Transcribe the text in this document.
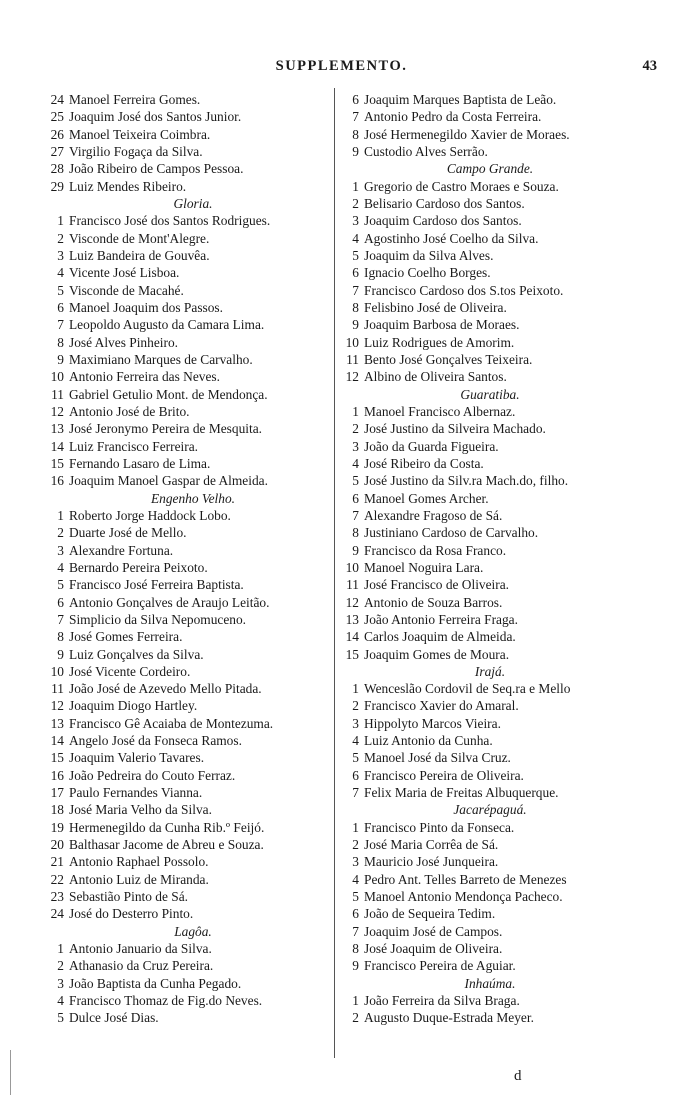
SUPPLEMENTO.	43
24 Manoel Ferreira Gomes.
25 Joaquim José dos Santos Junior.
26 Manoel Teixeira Coimbra.
27 Virgilio Fogaça da Silva.
28 João Ribeiro de Campos Pessoa.
29 Luiz Mendes Ribeiro.
Gloria.
1 Francisco José dos Santos Rodrigues.
2 Visconde de Mont'Alegre.
3 Luiz Bandeira de Gouvêa.
4 Vicente José Lisboa.
5 Visconde de Macahé.
6 Manoel Joaquim dos Passos.
7 Leopoldo Augusto da Camara Lima.
8 José Alves Pinheiro.
9 Maximiano Marques de Carvalho.
10 Antonio Ferreira das Neves.
11 Gabriel Getulio Mont. de Mendonça.
12 Antonio José de Brito.
13 José Jeronymo Pereira de Mesquita.
14 Luiz Francisco Ferreira.
15 Fernando Lasaro de Lima.
16 Joaquim Manoel Gaspar de Almeida.
Engenho Velho.
1 Roberto Jorge Haddock Lobo.
2 Duarte José de Mello.
3 Alexandre Fortuna.
4 Bernardo Pereira Peixoto.
5 Francisco José Ferreira Baptista.
6 Antonio Gonçalves de Araujo Leitão.
7 Simplicio da Silva Nepomuceno.
8 José Gomes Ferreira.
9 Luiz Gonçalves da Silva.
10 José Vicente Cordeiro.
11 João José de Azevedo Mello Pitada.
12 Joaquim Diogo Hartley.
13 Francisco Gê Acaiaba de Montezuma.
14 Angelo José da Fonseca Ramos.
15 Joaquim Valerio Tavares.
16 João Pedreira do Couto Ferraz.
17 Paulo Fernandes Vianna.
18 José Maria Velho da Silva.
19 Hermenegildo da Cunha Rib.º Feijó.
20 Balthasar Jacome de Abreu e Souza.
21 Antonio Raphael Possolo.
22 Antonio Luiz de Miranda.
23 Sebastião Pinto de Sá.
24 José do Desterro Pinto.
Lagôa.
1 Antonio Januario da Silva.
2 Athanasio da Cruz Pereira.
3 João Baptista da Cunha Pegado.
4 Francisco Thomaz de Fig.do Neves.
5 Dulce José Dias.
6 Joaquim Marques Baptista de Leão.
7 Antonio Pedro da Costa Ferreira.
8 José Hermenegildo Xavier de Moraes.
9 Custodio Alves Serrão.
Campo Grande.
1 Gregorio de Castro Moraes e Souza.
2 Belisario Cardoso dos Santos.
3 Joaquim Cardoso dos Santos.
4 Agostinho José Coelho da Silva.
5 Joaquim da Silva Alves.
6 Ignacio Coelho Borges.
7 Francisco Cardoso dos S.tos Peixoto.
8 Felisbino José de Oliveira.
9 Joaquim Barbosa de Moraes.
10 Luiz Rodrigues de Amorim.
11 Bento José Gonçalves Teixeira.
12 Albino de Oliveira Santos.
Guaratiba.
1 Manoel Francisco Albernaz.
2 José Justino da Silveira Machado.
3 João da Guarda Figueira.
4 José Ribeiro da Costa.
5 José Justino da Silv.ra Mach.do, filho.
6 Manoel Gomes Archer.
7 Alexandre Fragoso de Sá.
8 Justiniano Cardoso de Carvalho.
9 Francisco da Rosa Franco.
10 Manoel Noguira Lara.
11 José Francisco de Oliveira.
12 Antonio de Souza Barros.
13 João Antonio Ferreira Fraga.
14 Carlos Joaquim de Almeida.
15 Joaquim Gomes de Moura.
Irajá.
1 Wenceslão Cordovil de Seq.ra e Mello
2 Francisco Xavier do Amaral.
3 Hippolyto Marcos Vieira.
4 Luiz Antonio da Cunha.
5 Manoel José da Silva Cruz.
6 Francisco Pereira de Oliveira.
7 Felix Maria de Freitas Albuquerque.
Jacarépaguá.
1 Francisco Pinto da Fonseca.
2 José Maria Corrêa de Sá.
3 Mauricio José Junqueira.
4 Pedro Ant. Telles Barreto de Menezes
5 Manoel Antonio Mendonça Pacheco.
6 João de Sequeira Tedim.
7 Joaquim José de Campos.
8 José Joaquim de Oliveira.
9 Francisco Pereira de Aguiar.
Inhaúma.
1 João Ferreira da Silva Braga.
2 Augusto Duque-Estrada Meyer.
d
